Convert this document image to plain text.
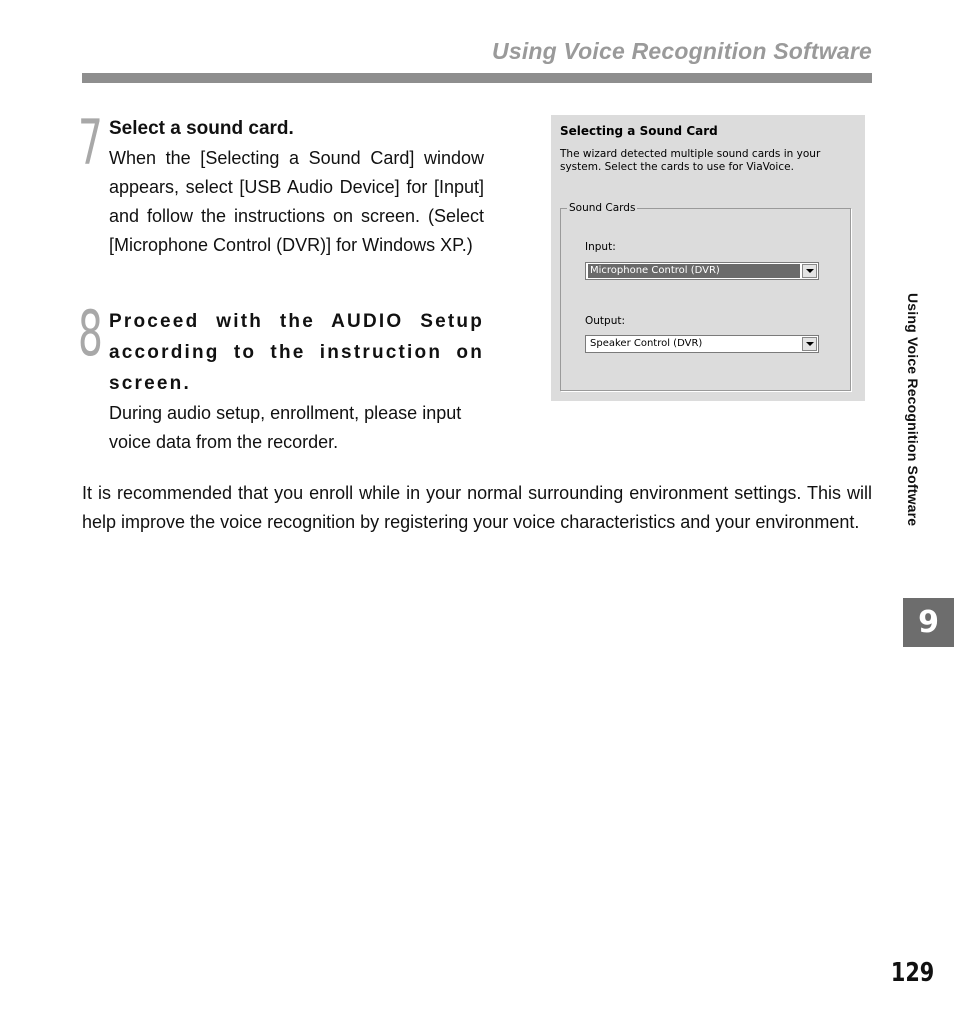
Using Voice Recognition Software
7 Select a sound card.
When the [Selecting a Sound Card] window appears, select [USB Audio Device] for [Input] and follow the instructions on screen. (Select [Microphone Control (DVR)] for Windows XP.)
8 Proceed with the AUDIO Setup according to the instruction on screen.
During audio setup, enrollment, please input voice data from the recorder.
It is recommended that you enroll while in your normal surrounding environment settings. This will help improve the voice recognition by registering your voice characteristics and your environment.
Selecting a Sound Card
The wizard detected multiple sound cards in your system. Select the cards to use for ViaVoice.
Sound Cards
Input:
Microphone Control (DVR)
Output:
Speaker Control (DVR)	Using Voice Recognition Software
9
129
